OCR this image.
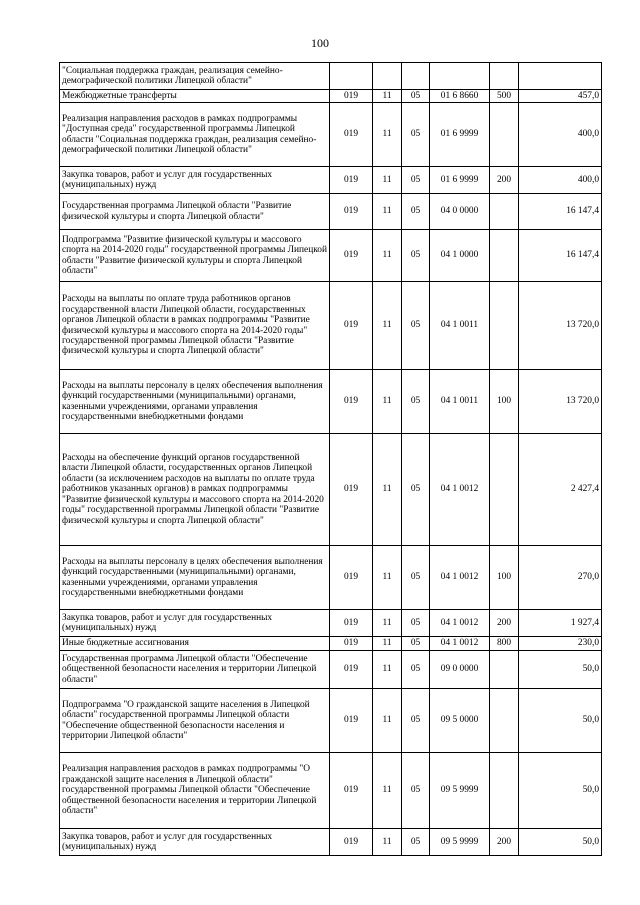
100
"Социальная поддержка граждан, реализация семейно-демографической политики Липецкой области"						
Межбюджетные трансферты	019	11	05	01 6 8660	500	457,0
Реализация направления расходов в рамках подпрограммы "Доступная среда" государственной программы Липецкой области "Социальная поддержка граждан, реализация семейно-демографической политики Липецкой области"	019	11	05	01 6 9999		400,0
Закупка товаров, работ и услуг для государственных (муниципальных) нужд	019	11	05	01 6 9999	200	400,0
Государственная программа Липецкой области "Развитие физической культуры и спорта Липецкой области"	019	11	05	04 0 0000		16 147,4
Подпрограмма "Развитие физической культуры и массового спорта на 2014-2020 годы" государственной программы Липецкой области "Развитие физической культуры и спорта Липецкой области"	019	11	05	04 1 0000		16 147,4
Расходы на выплаты по оплате труда работников органов государственной власти Липецкой области, государственных органов Липецкой области в рамках подпрограммы "Развитие физической культуры и массового спорта на 2014-2020 годы" государственной программы Липецкой области "Развитие физической культуры и спорта Липецкой области"	019	11	05	04 1 0011		13 720,0
Расходы на выплаты персоналу в целях обеспечения выполнения функций государственными (муниципальными) органами, казенными учреждениями, органами управления государственными внебюджетными фондами	019	11	05	04 1 0011	100	13 720,0
Расходы на обеспечение функций органов государственной власти Липецкой области, государственных органов Липецкой области (за исключением расходов на выплаты по оплате труда работников указанных органов) в рамках подпрограммы "Развитие физической культуры и массового спорта на 2014-2020 годы" государственной программы Липецкой области "Развитие физической культуры и спорта Липецкой области"	019	11	05	04 1 0012		2 427,4
Расходы на выплаты персоналу в целях обеспечения выполнения функций государственными (муниципальными) органами, казенными учреждениями, органами управления государственными внебюджетными фондами	019	11	05	04 1 0012	100	270,0
Закупка товаров, работ и услуг для государственных (муниципальных) нужд	019	11	05	04 1 0012	200	1 927,4
Иные бюджетные ассигнования	019	11	05	04 1 0012	800	230,0
Государственная программа Липецкой области "Обеспечение общественной безопасности населения и территории Липецкой области"	019	11	05	09 0 0000		50,0
Подпрограмма "О гражданской защите населения в Липецкой области" государственной программы Липецкой области "Обеспечение общественной безопасности населения и территории Липецкой области"	019	11	05	09 5 0000		50,0
Реализация направления расходов в рамках подпрограммы "О гражданской защите населения в Липецкой области" государственной программы Липецкой области "Обеспечение общественной безопасности населения и территории Липецкой области"	019	11	05	09 5 9999		50,0
Закупка товаров, работ и услуг для государственных (муниципальных) нужд	019	11	05	09 5 9999	200	50,0
